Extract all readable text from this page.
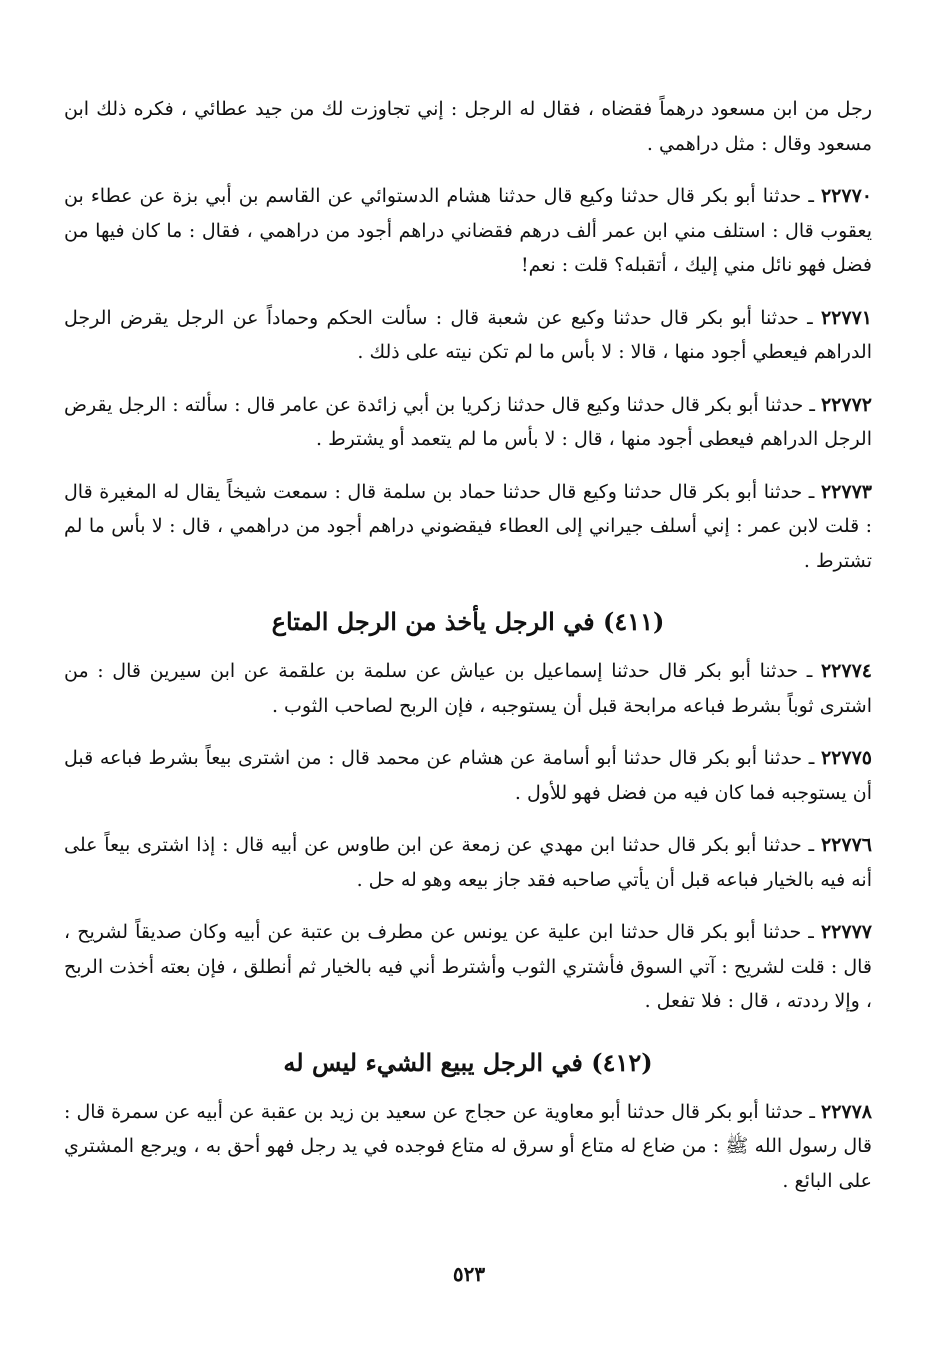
رجل من ابن مسعود درهماً فقضاه ، فقال له الرجل : إني تجاوزت لك من جيد عطائي ، فكره ذلك ابن مسعود وقال : مثل دراهمي .

٢٢٧٧٠ ـ حدثنا أبو بكر قال حدثنا وكيع قال حدثنا هشام الدستوائي عن القاسم بن أبي بزة عن عطاء بن يعقوب قال : استلف مني ابن عمر ألف درهم فقضاني دراهم أجود من دراهمي ، فقال : ما كان فيها من فضل فهو نائل مني إليك ، أتقبله؟ قلت : نعم!

٢٢٧٧١ ـ حدثنا أبو بكر قال حدثنا وكيع عن شعبة قال : سألت الحكم وحماداً عن الرجل يقرض الرجل الدراهم فيعطي أجود منها ، قالا : لا بأس ما لم تكن نيته على ذلك .

٢٢٧٧٢ ـ حدثنا أبو بكر قال حدثنا وكيع قال حدثنا زكريا بن أبي زائدة عن عامر قال : سألته : الرجل يقرض الرجل الدراهم فيعطى أجود منها ، قال : لا بأس ما لم يتعمد أو يشترط .

٢٢٧٧٣ ـ حدثنا أبو بكر قال حدثنا وكيع قال حدثنا حماد بن سلمة قال : سمعت شيخاً يقال له المغيرة قال : قلت لابن عمر : إني أسلف جيراني إلى العطاء فيقضوني دراهم أجود من دراهمي ، قال : لا بأس ما لم تشترط .

(٤١١) في الرجل يأخذ من الرجل المتاع

٢٢٧٧٤ ـ حدثنا أبو بكر قال حدثنا إسماعيل بن عياش عن سلمة بن علقمة عن ابن سيرين قال : من اشترى ثوباً بشرط فباعه مرابحة قبل أن يستوجبه ، فإن الربح لصاحب الثوب .

٢٢٧٧٥ ـ حدثنا أبو بكر قال حدثنا أبو أسامة عن هشام عن محمد قال : من اشترى بيعاً بشرط فباعه قبل أن يستوجبه فما كان فيه من فضل فهو للأول .

٢٢٧٧٦ ـ حدثنا أبو بكر قال حدثنا ابن مهدي عن زمعة عن ابن طاوس عن أبيه قال : إذا اشترى بيعاً على أنه فيه بالخيار فباعه قبل أن يأتي صاحبه فقد جاز بيعه وهو له حل .

٢٢٧٧٧ ـ حدثنا أبو بكر قال حدثنا ابن علية عن يونس عن مطرف بن عتبة عن أبيه وكان صديقاً لشريح ، قال : قلت لشريح : آتي السوق فأشتري الثوب وأشترط أني فيه بالخيار ثم أنطلق ، فإن بعته أخذت الربح ، وإلا رددته ، قال : فلا تفعل .

(٤١٢) في الرجل يبيع الشيء ليس له

٢٢٧٧٨ ـ حدثنا أبو بكر قال حدثنا أبو معاوية عن حجاج عن سعيد بن زيد بن عقبة عن أبيه عن سمرة قال : قال رسول الله ﷺ : من ضاع له متاع أو سرق له متاع فوجده في يد رجل فهو أحق به ، ويرجع المشتري على البائع .

٥٢٣
